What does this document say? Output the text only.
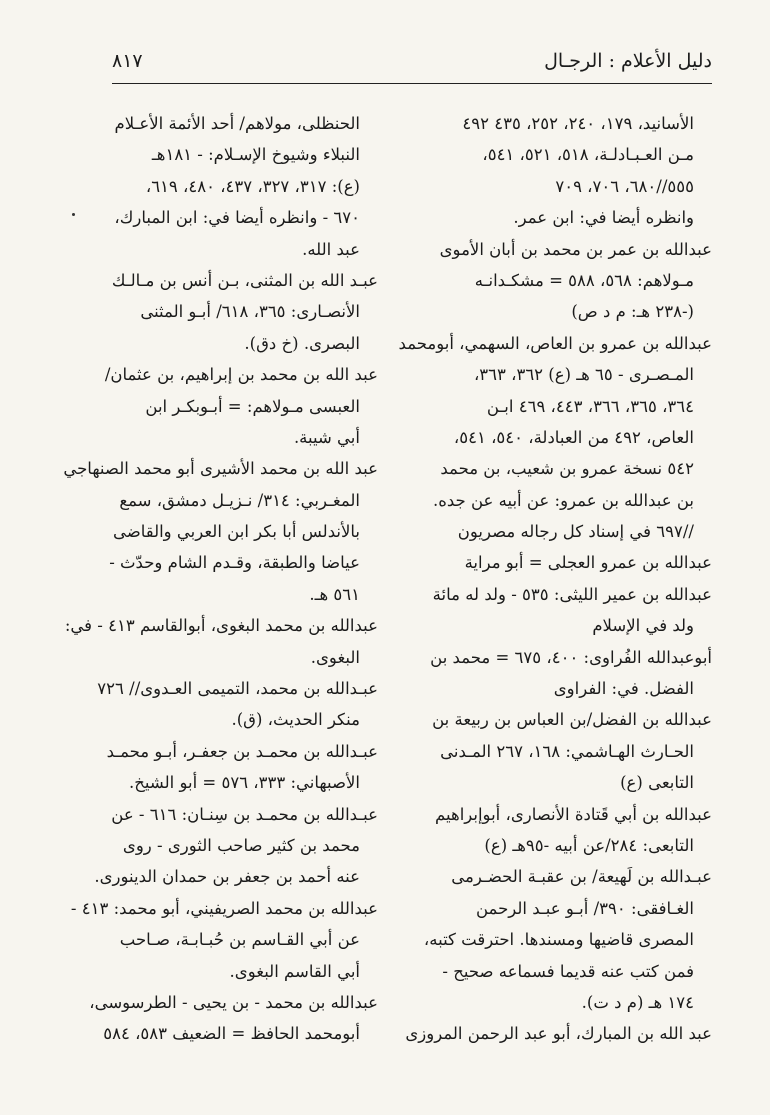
دليل الأعلام : الرجـال
٨١٧
الأسانيد، ١٧٩، ٢٤٠، ٢٥٢، ٤٣٥ ٤٩٢
مـن العـبـادلـة، ٥١٨، ٥٢١، ٥٤١،
٥٥٥//٦٨٠، ٧٠٦، ٧٠٩
وانظره أيضا في: ابن عمر.
عبدالله بن عمر بن محمد بن أبان الأموى
مـولاهم: ٥٦٨، ٥٨٨ = مشكـدانـه
(-٢٣٨ هـ: م د ص)
عبدالله بن عمرو بن العاص، السهمي، أبومحمد
المـصـرى - ٦٥ هـ (ع) ٣٦٢، ٣٦٣،
٣٦٤، ٣٦٥، ٣٦٦، ٤٤٣، ٤٦٩ ابـن
العاص، ٤٩٢ من العبادلة، ٥٤٠، ٥٤١،
٥٤٢ نسخة عمرو بن شعيب، بن محمد
بن عبدالله بن عمرو: عن أبيه عن جده.
//٦٩٧ في إسناد كل رجاله مصريون
عبدالله بن عمرو العجلى = أبو مراية
عبدالله بن عمير الليثى: ٥٣٥ - ولد له مائة
ولد في الإسلام
أبوعبدالله الفُراوى: ٤٠٠، ٦٧٥ = محمد بن
الفضل. في: الفراوى
عبدالله بن الفضل/بن العباس بن ربيعة بن
الحـارث الهـاشمي: ١٦٨، ٢٦٧ المـدنى
التابعى (ع)
عبدالله بن أبي قَتادة الأنصارى، أبوإبراهيم
التابعى: ٢٨٤/عن أبيه -٩٥هـ (ع)
عبـدالله بن لَهيعة/ بن عقبـة الحضـرمى
الغـافقى: ٣٩٠/ أبـو عبـد الرحمن
المصرى قاضيها ومسندها. احترقت كتبه،
فمن كتب عنه قديما فسماعه صحيح -
١٧٤ هـ (م د ت).
عبد الله بن المبارك، أبو عبد الرحمن المروزى
الحنظلى، مولاهم/ أحد الأئمة الأعـلام
النبلاء وشيوخ الإسـلام: - ١٨١هـ
(ع): ٣١٧، ٣٢٧، ٤٣٧، ٤٨٠، ٦١٩،
٦٧٠ - وانظره أيضا في: ابن المبارك،
عبد الله.
عبـد الله بن المثنى، بـن أنس بن مـالـك
الأنصـارى: ٣٦٥، ٦١٨/ أبـو المثنى
البصرى. (خ دق).
عبد الله بن محمد بن إبراهيم، بن عثمان/
العبسى مـولاهم: = أبـوبكـر ابن
أبي شيبة.
عبد الله بن محمد الأشيرى أبو محمد الصنهاجي
المغـربي: ٣١٤/ نـزيـل دمشق، سمع
بالأندلس أبا بكر ابن العربي والقاضى
عياضا والطبقة، وقـدم الشام وحدّث -
٥٦١ هـ.
عبدالله بن محمد البغوى، أبوالقاسم ٤١٣ - في:
البغوى.
عبـدالله بن محمد، التميمى العـدوى// ٧٢٦
منكر الحديث، (ق).
عبـدالله بن محمـد بن جعفـر، أبـو محمـد
الأصبهاني: ٣٣٣، ٥٧٦ = أبو الشيخ.
عبـدالله بن محمـد بن سِنـان: ٦١٦ - عن
محمد بن كثير صاحب الثورى - روى
عنه أحمد بن جعفر بن حمدان الدينورى.
عبدالله بن محمد الصريفيني، أبو محمد: ٤١٣ -
عن أبي القـاسم بن حُبـابـة، صـاحب
أبي القاسم البغوى.
عبدالله بن محمد - بن يحيى - الطرسوسى،
أبومحمد الحافظ = الضعيف ٥٨٣، ٥٨٤
